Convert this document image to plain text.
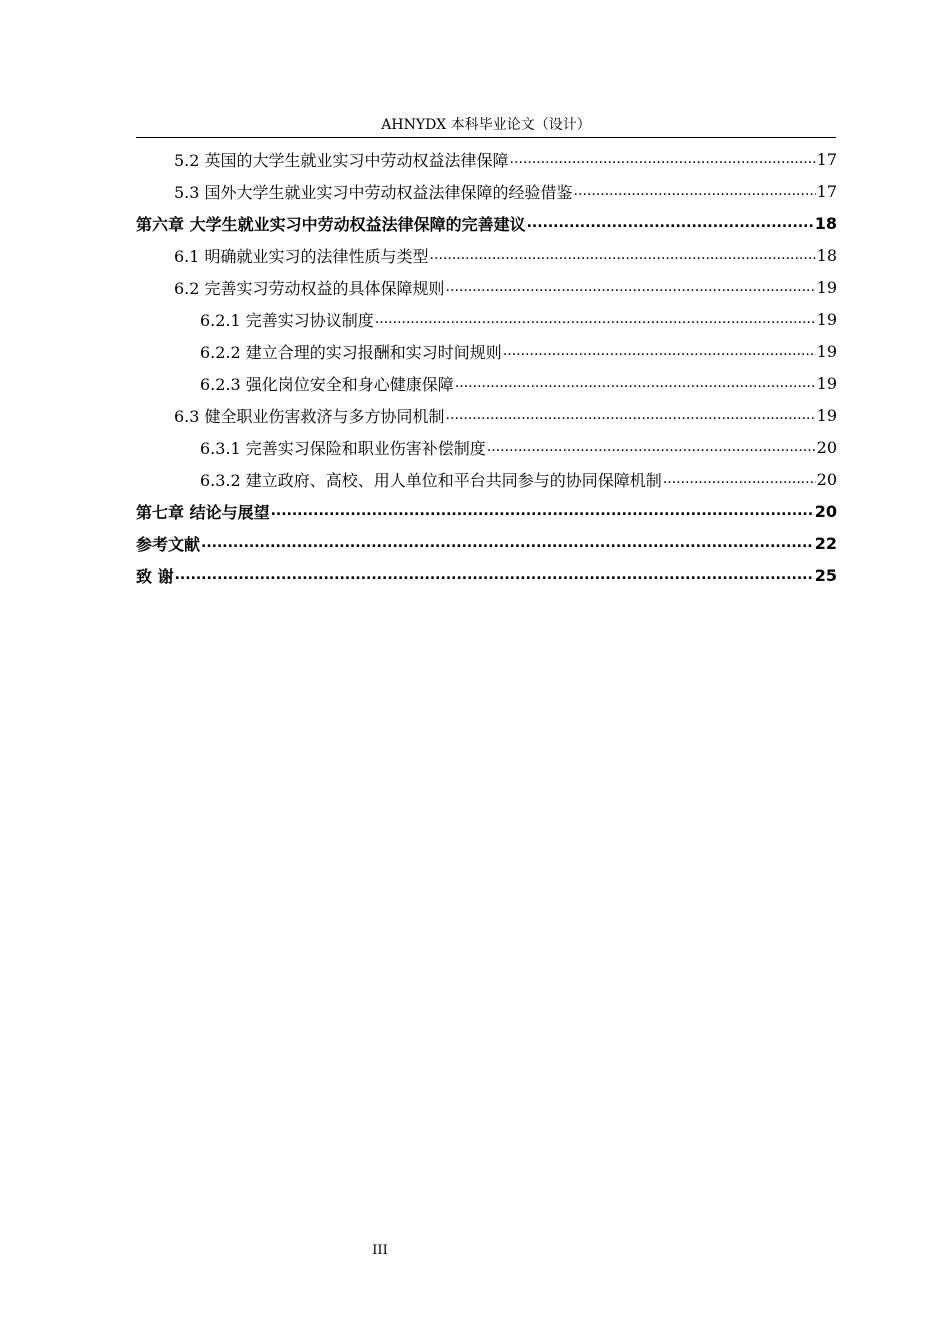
AHNYDX 本科毕业论文（设计）
5.2 英国的大学生就业实习中劳动权益法律保障 .....	17
5.3 国外大学生就业实习中劳动权益法律保障的经验借鉴 .....	17
第六章 大学生就业实习中劳动权益法律保障的完善建议 .....	18
6.1 明确就业实习的法律性质与类型 .....	18
6.2 完善实习劳动权益的具体保障规则 .....	19
6.2.1 完善实习协议制度 .....	19
6.2.2 建立合理的实习报酬和实习时间规则 .....	19
6.2.3 强化岗位安全和身心健康保障 .....	19
6.3 健全职业伤害救济与多方协同机制 .....	19
6.3.1 完善实习保险和职业伤害补偿制度 .....	20
6.3.2 建立政府、高校、用人单位和平台共同参与的协同保障机制 .....	20
第七章 结论与展望 .....	20
参考文献 .....	22
致 谢 .....	25
III
